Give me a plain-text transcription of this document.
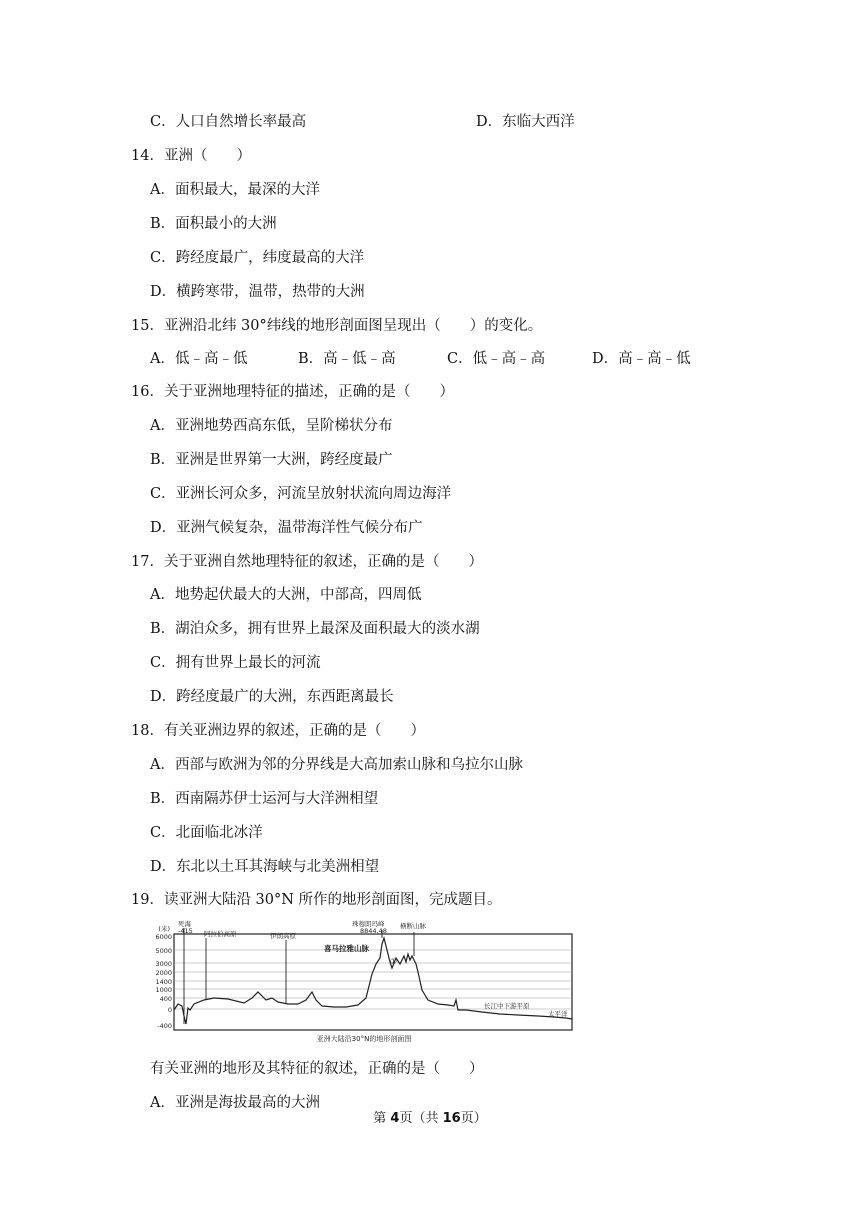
C．人口自然增长率最高	D．东临大西洋
14．亚洲（　　）
A．面积最大，最深的大洋
B．面积最小的大洲
C．跨经度最广，纬度最高的大洋
D．横跨寒带，温带，热带的大洲
15．亚洲沿北纬 30°纬线的地形剖面图呈现出（　　）的变化。
A．低﹣高﹣低	B．高﹣低﹣高	C．低﹣高﹣高	D．高﹣高﹣低
16．关于亚洲地理特征的描述，正确的是（　　）
A．亚洲地势西高东低，呈阶梯状分布
B．亚洲是世界第一大洲，跨经度最广
C．亚洲长河众多，河流呈放射状流向周边海洋
D．亚洲气候复杂，温带海洋性气候分布广
17．关于亚洲自然地理特征的叙述，正确的是（　　）
A．地势起伏最大的大洲，中部高，四周低
B．湖泊众多，拥有世界上最深及面积最大的淡水湖
C．拥有世界上最长的河流
D．跨经度最广的大洲，东西距离最长
18．有关亚洲边界的叙述，正确的是（　　）
A．西部与欧洲为邻的分界线是大高加索山脉和乌拉尔山脉
B．西南隔苏伊士运河与大洋洲相望
C．北面临北冰洋
D．东北以土耳其海峡与北美洲相望
19．读亚洲大陆沿 30°N 所作的地形剖面图，完成题目。
有关亚洲的地形及其特征的叙述，正确的是（　　）
A．亚洲是海拔最高的大洲
(米)
6000
5000
3000
2000
1400
1000
400
0
-400
死海
-415 阿拉伯高原	伊朗高原
珠穆朗玛峰
8844.48
横断山脉
喜马拉雅山脉
①
长江中下游平原
太平洋
亚洲大陆沿30°N的地形剖面图
第 4页（共 16页）
